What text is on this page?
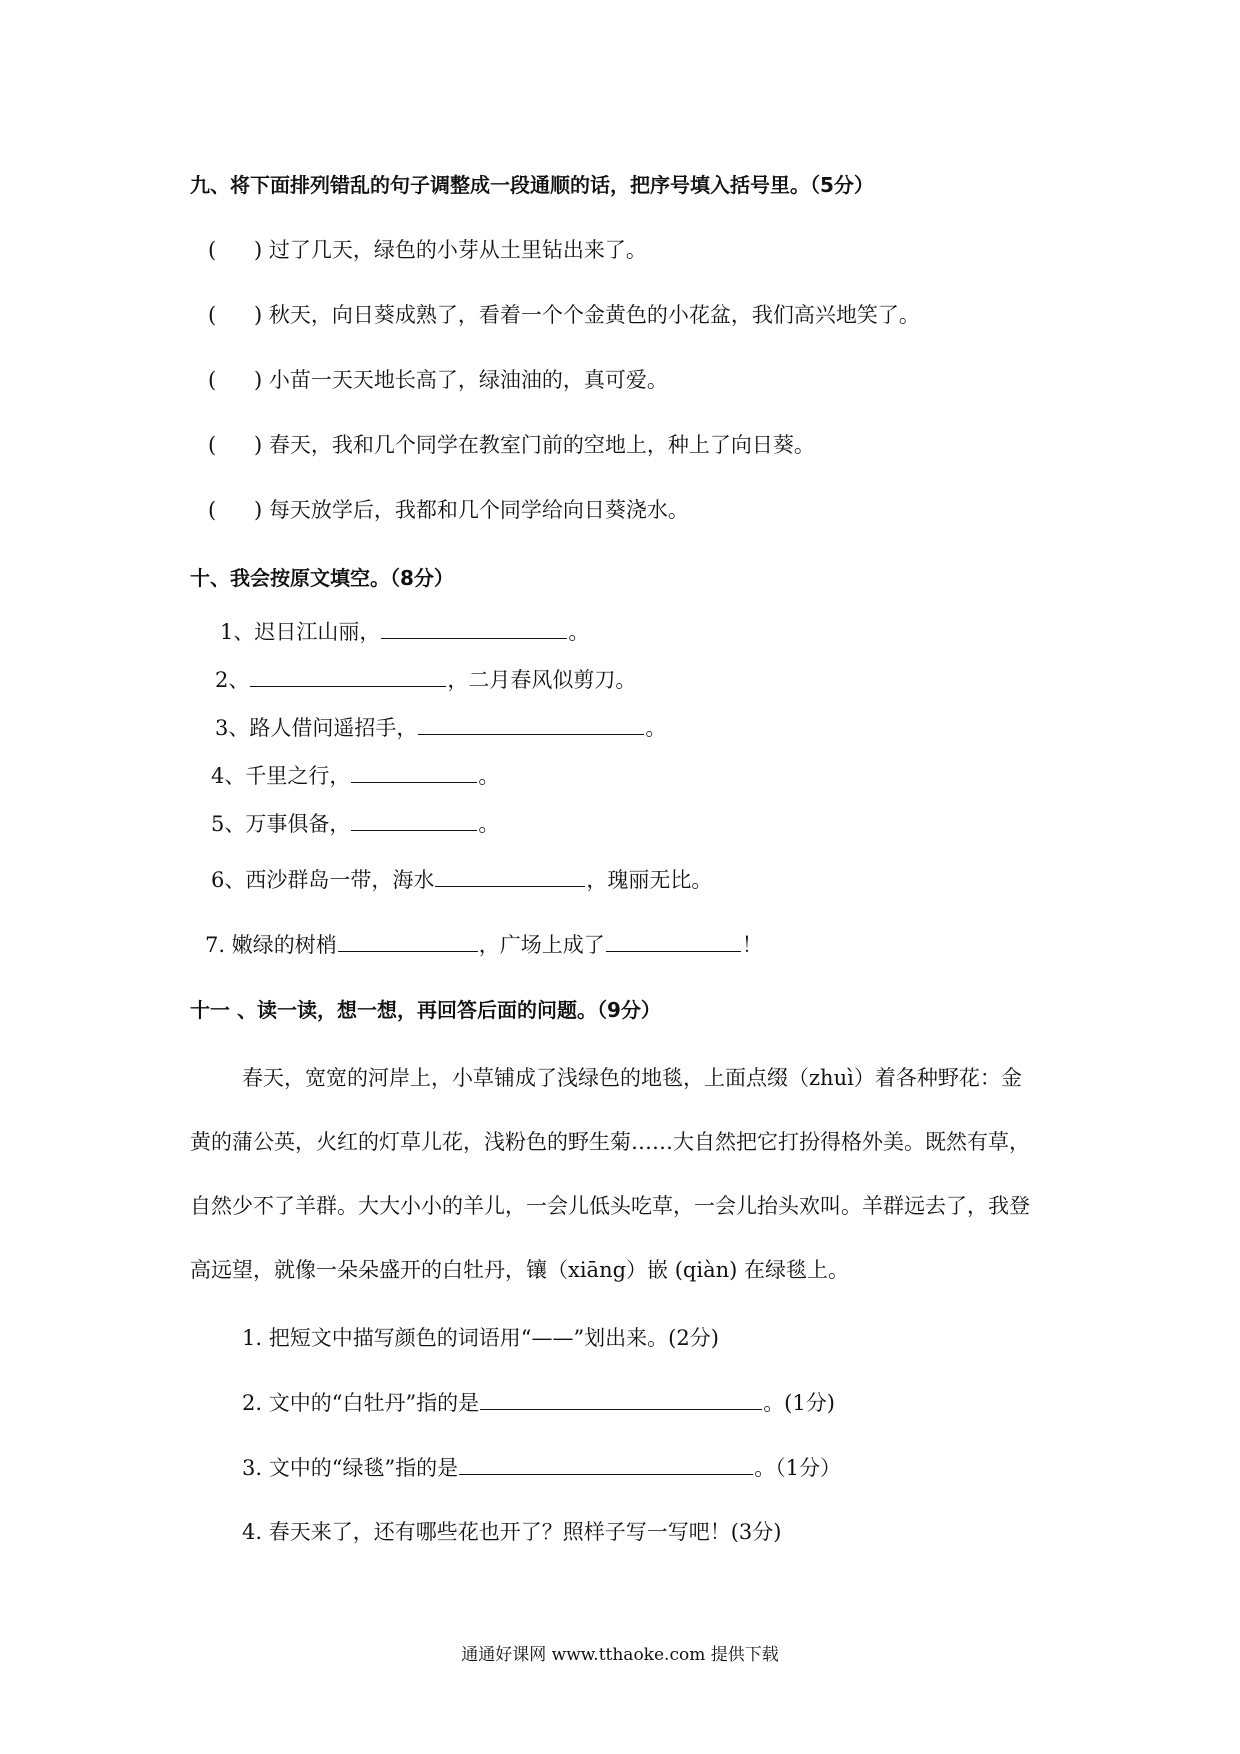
九、将下面排列错乱的句子调整成一段通顺的话，把序号填入括号里。（5分）
( ) 过了几天，绿色的小芽从土里钻出来了。
( ) 秋天，向日葵成熟了，看着一个个金黄色的小花盆，我们高兴地笑了。
( ) 小苗一天天地长高了，绿油油的，真可爱。
( ) 春天，我和几个同学在教室门前的空地上，种上了向日葵。
( ) 每天放学后，我都和几个同学给向日葵浇水。
十、我会按原文填空。（8分）
1、迟日江山丽，	。
2、	，二月春风似剪刀。
3、路人借问遥招手，	。
4、千里之行，	。
5、万事俱备，	。
6、西沙群岛一带，海水	，瑰丽无比。
7. 嫩绿的树梢	，广场上成了	！
十一 、读一读，想一想，再回答后面的问题。（9分）
春天，宽宽的河岸上，小草铺成了浅绿色的地毯，上面点缀（zhuì）着各种野花：金
黄的蒲公英，火红的灯草儿花，浅粉色的野生菊……大自然把它打扮得格外美。既然有草，
自然少不了羊群。大大小小的羊儿，一会儿低头吃草，一会儿抬头欢叫。羊群远去了，我登
高远望，就像一朵朵盛开的白牡丹，镶（xiāng）嵌 (qiàn) 在绿毯上。
1. 把短文中描写颜色的词语用“——”划出来。(2分)
2. 文中的“白牡丹”指的是	。(1分)
3. 文中的“绿毯”指的是	。（1分）
4. 春天来了，还有哪些花也开了？照样子写一写吧！(3分)
通通好课网 www.tthaoke.com 提供下载
